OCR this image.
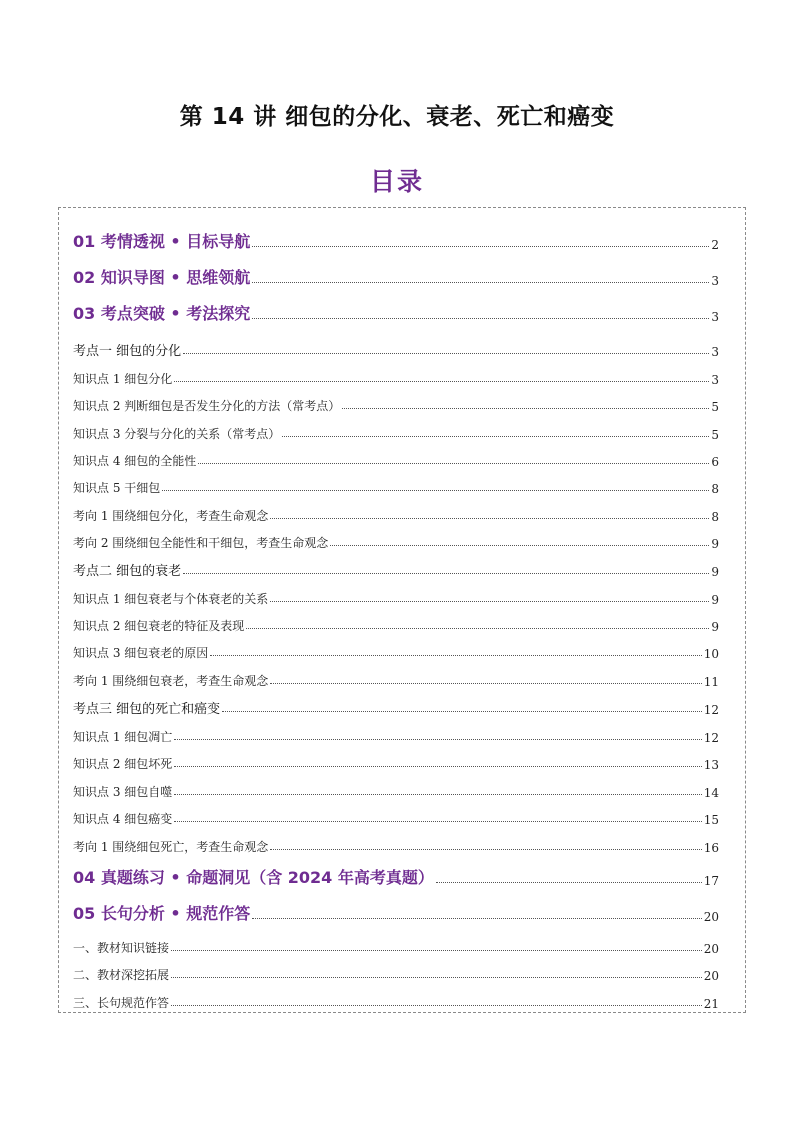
第 14 讲 细包的分化、衰老、死亡和癌变
目录
01 考情透视 • 目标导航	2
02 知识导图 • 思维领航	3
03 考点突破 • 考法探究	3
考点一 细包的分化	3
知识点 1 细包分化	3
知识点 2 判断细包是否发生分化的方法（常考点）	5
知识点 3 分裂与分化的关系（常考点）	5
知识点 4 细包的全能性	6
知识点 5 干细包	8
考向 1 围绕细包分化，考查生命观念	8
考向 2 围绕细包全能性和干细包，考查生命观念	9
考点二 细包的衰老	9
知识点 1 细包衰老与个体衰老的关系	9
知识点 2 细包衰老的特征及表现	9
知识点 3 细包衰老的原因	10
考向 1 围绕细包衰老，考查生命观念	11
考点三 细包的死亡和癌变	12
知识点 1 细包凋亡	12
知识点 2 细包坏死	13
知识点 3 细包自噬	14
知识点 4 细包癌变	15
考向 1 围绕细包死亡，考查生命观念	16
04 真题练习 • 命题洞见（含 2024 年高考真题）	17
05 长句分析 • 规范作答	20
一、教材知识链接	20
二、教材深挖拓展	20
三、长句规范作答	21
